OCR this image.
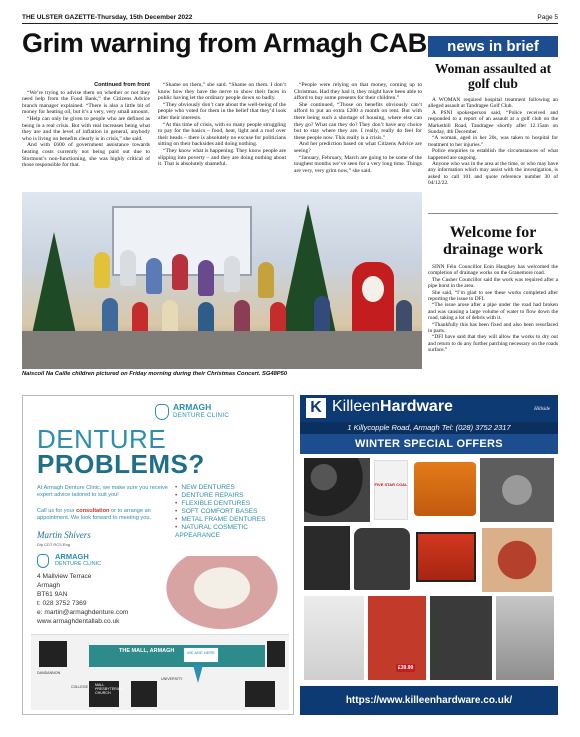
THE ULSTER GAZETTE-Thursday, 15th December 2022	Page 5
Grim warning from Armagh CAB

Continued from front

“We’re trying to advise them on whether or not they need help from the Food Bank,” the Citizens Advice branch manager explained. “There is also a little bit of money for heating oil, but it’s a very, very small amount.

“Help can only be given to people who are defined as being in a real crisis. But with real increases being what they are and the level of inflation in general, anybody who is living on benefits clearly is in crisis,” she said.

And with £600 of government assistance towards heating costs currently not being paid out due to Stormont’s non-functioning, she was highly critical of those responsible for that.

“Shame on them,” she said. “Shame on them. I don’t know how they have the nerve to show their faces in public having let the ordinary people down so badly.

“They obviously don’t care about the well-being of the people who voted for them in the belief that they’d look after their interests.

“At this time of crisis, with so many people struggling to pay for the basics – food, heat, light and a roof over their heads – there is absolutely no excuse for politicians sitting on their backsides and doing nothing.

“They know what is happening. They know people are slipping into poverty – and they are doing nothing about it. That is absolutely shameful.

“People were relying on that money, coming up to Christmas. Had they had it, they might have been able to afford to buy some presents for their children.”

She continued, “Those on benefits obviously can’t afford to put an extra £200 a month on rent. But with there being such a shortage of housing, where else can they go? What can they do? They don’t have any choice but to stay where they are. I really, really do feel for these people now. This really is a crisis.”

And her prediction based on what Citizens Advice are seeing?

“January, February, March are going to be some of the toughest months we’ve seen for a very long time. Things are very, very grim now,” she said.

Naiscoil Na Caille children pictured on Friday morning during their Christmas Concert. SG48P50

news in brief
Woman assaulted at golf club

A WOMAN required hospital treatment following an alleged assault at Tandragee Golf Club.

A PSNI spokesperson said, “Police received and responded to a report of an assault at a golf club on the Markethill Road, Tandragee shortly after 12.15am on Sunday, 4th December.

“A woman, aged in her 20s, was taken to hospital for treatment to her injuries.”

Police enquiries to establish the circumstances of what happened are ongoing.

Anyone who was in the area at the time, or who may have any information which may assist with the investigation, is asked to call 101 and quote reference number 30 of 04/12/22.

Welcome for drainage work

SINN Féin Councillor Eoin Haughey has welcomed the completion of drainage works on the Granemore road.

The Cusher Councillor said the work was required after a pipe burst in the area.

She said, “I’m glad to see these works completed after reporting the issue to DFI.

“The issue arose after a pipe under the road had broken and was causing a large volume of water to flow down the road, taking a lot of debris with it.

“Thankfully this has been fixed and also been resurfaced in parts.

“DFI have said that they will allow the works to dry out and return to do any further patching necessary on the roads surface.”

ARMAGH
DENTURE CLINIC
DENTURE
PROBLEMS?

At Armagh Denture Clinic, we make sure you receive expert advice tailored to suit you!

Call us for your consultation or to arrange an appointment. We look forward to meeting you.

Martin Shivers
Dip CDT RCS Eng
• NEW DENTURES
• DENTURE REPAIRS
• FLEXIBLE DENTURES
• SOFT COMFORT BASES
• METAL FRAME DENTURES
• NATURAL COSMETIC APPEARANCE
ARMAGH
DENTURE CLINIC
4 Mallview Terrace
Armagh
BT61 9AN
t: 028 3752 7369
e: martin@armaghdenture.com
www.armaghdentallab.co.uk
THE MALL, ARMAGH	WE ARE HERE
DANDANNON
MALL PRESBYTERIAN CHURCH
UNIVERSITY
COLLEGE HILL
K KilleenHardware	Hillside
1 Killycopple Road, Armagh Tel: (028) 3752 2317
WINTER SPECIAL OFFERS
FIVE STAR COAL
£39.99
https://www.killeenhardware.co.uk/
